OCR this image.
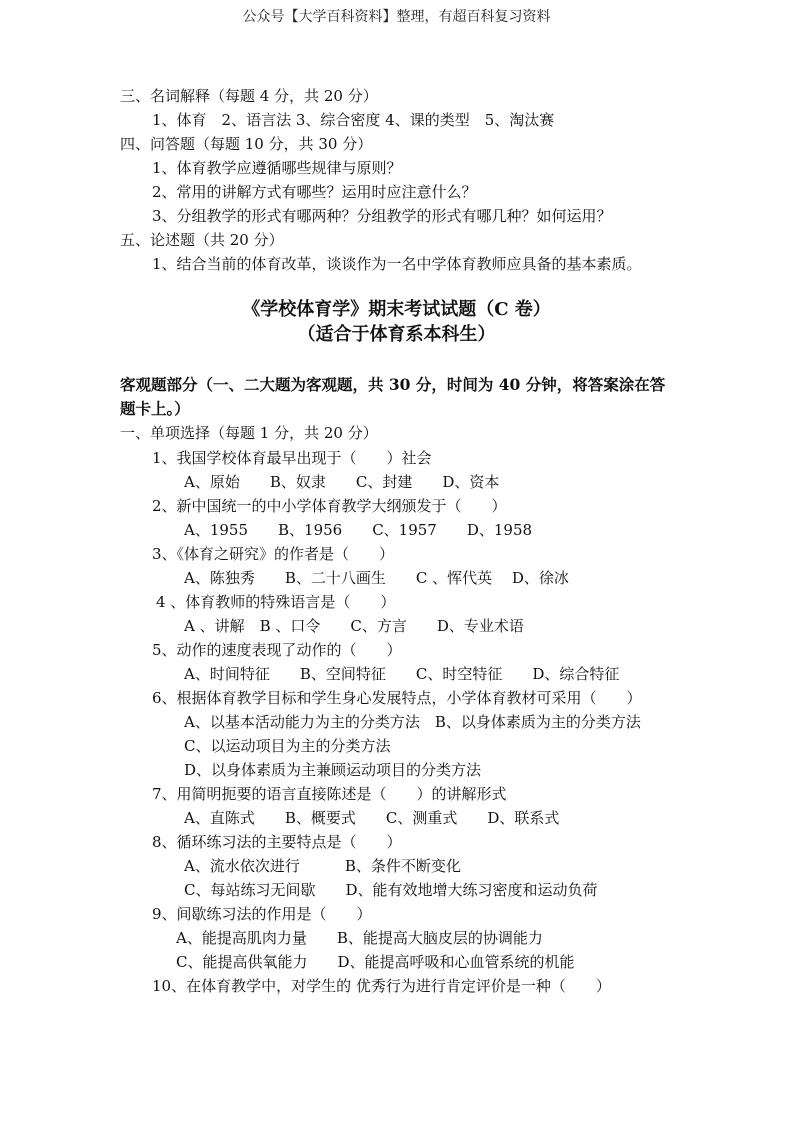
公众号【大学百科资料】整理，有超百科复习资料
三、名词解释（每题 4 分，共 20 分）
1、体育　2、语言法 3、综合密度 4、课的类型　5、淘汰赛
四、问答题（每题 10 分，共 30 分）
1、体育教学应遵循哪些规律与原则？
2、常用的讲解方式有哪些？运用时应注意什么？
3、分组教学的形式有哪两种？分组教学的形式有哪几种？如何运用？
五、论述题（共 20 分）
1、结合当前的体育改革，谈谈作为一名中学体育教师应具备的基本素质。
《学校体育学》期末考试试题（C 卷）
（适合于体育系本科生）
客观题部分（一、二大题为客观题，共 30 分，时间为 40 分钟，将答案涂在答
题卡上。）
一、单项选择（每题 1 分，共 20 分）
1、我国学校体育最早出现于（　　）社会
A、原始　　B、奴隶　　C、封建　　D、资本
2、新中国统一的中小学体育教学大纲颁发于（　　）
A、1955　　B、1956　　C、1957　　D、1958
3、《体育之研究》的作者是（　　）
A、陈独秀　　B、二十八画生　　C 、恽代英　 D、徐冰
4 、体育教师的特殊语言是（　　）
A 、讲解　B 、口令　　C、方言　　D、专业术语
5、动作的速度表现了动作的（　　）
A、时间特征　　B、空间特征　　C、时空特征　　D、综合特征
6、根据体育教学目标和学生身心发展特点，小学体育教材可采用（　　）
A、以基本活动能力为主的分类方法　B、以身体素质为主的分类方法
C、以运动项目为主的分类方法
D、以身体素质为主兼顾运动项目的分类方法
7、用简明扼要的语言直接陈述是（　　）的讲解形式
A、直陈式　　B、概要式　　C、测重式　　D、联系式
8、循环练习法的主要特点是（　　）
A、流水依次进行　　　B、条件不断变化
C、每站练习无间歇　　D、能有效地增大练习密度和运动负荷
9、间歇练习法的作用是（　　）
A、能提高肌肉力量　　B、能提高大脑皮层的协调能力
C、能提高供氧能力　　D、能提高呼吸和心血管系统的机能
10、在体育教学中，对学生的 优秀行为进行肯定评价是一种（　　）
